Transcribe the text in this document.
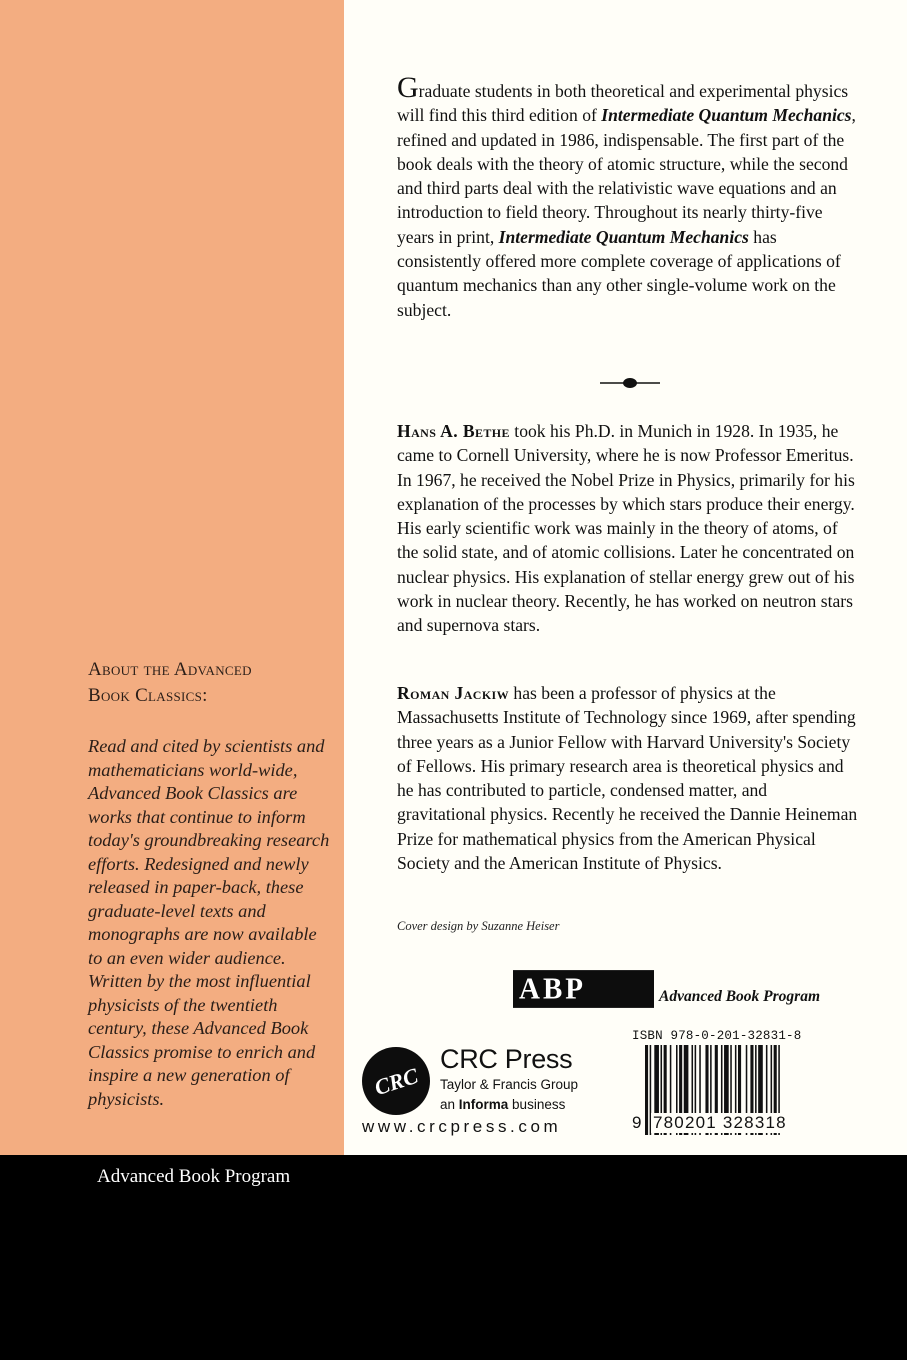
About the Advanced
Book Classics:

Read and cited by scientists and mathematicians world-wide, Advanced Book Classics are works that continue to inform today's groundbreaking research efforts. Redesigned and newly released in paper-back, these graduate-level texts and monographs are now available to an even wider audience. Written by the most influential physicists of the twentieth century, these Advanced Book Classics promise to enrich and inspire a new generation of physicists.

Advanced Book Program

Graduate students in both theoretical and experimental physics will find this third edition of Intermediate Quantum Mechanics, refined and updated in 1986, indispensable. The first part of the book deals with the theory of atomic structure, while the second and third parts deal with the relativistic wave equations and an introduction to field theory. Throughout its nearly thirty-five years in print, Intermediate Quantum Mechanics has consistently offered more complete coverage of applications of quantum mechanics than any other single-volume work on the subject.

Hans A. Bethe took his Ph.D. in Munich in 1928. In 1935, he came to Cornell University, where he is now Professor Emeritus. In 1967, he received the Nobel Prize in Physics, primarily for his explanation of the processes by which stars produce their energy. His early scientific work was mainly in the theory of atoms, of the solid state, and of atomic collisions. Later he concentrated on nuclear physics. His explanation of stellar energy grew out of his work in nuclear theory. Recently, he has worked on neutron stars and supernova stars.

Roman Jackiw has been a professor of physics at the Massachusetts Institute of Technology since 1969, after spending three years as a Junior Fellow with Harvard University's Society of Fellows. His primary research area is theoretical physics and he has contributed to particle, condensed matter, and gravitational physics. Recently he received the Dannie Heineman Prize for mathematical physics from the American Physical Society and the American Institute of Physics.

Cover design by Suzanne Heiser
ABP	Advanced Book Program
CRC
CRC Press
Taylor & Francis Group
an Informa business
www.crcpress.com
ISBN 978-0-201-32831-8
9 780201 328318
